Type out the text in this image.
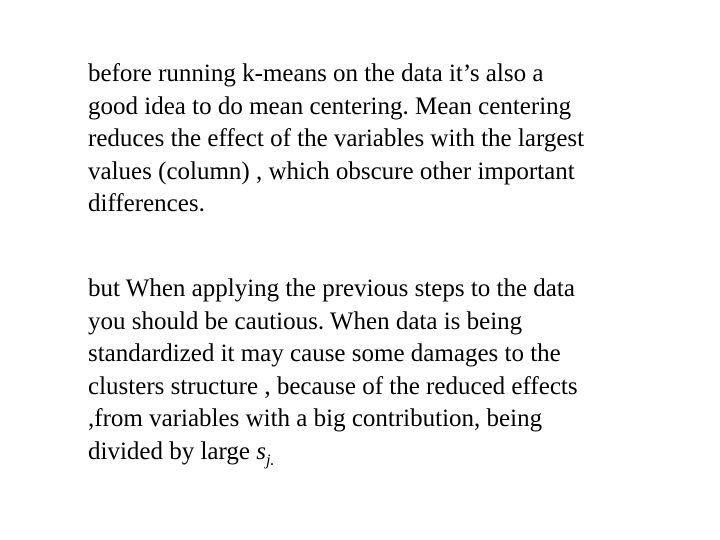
before running k-means on the data it’s also a
good idea to do mean centering. Mean centering
reduces the effect of the variables with the largest
values (column) , which obscure other important
differences.

but When applying the previous steps to the data
you should be cautious. When data is being
standardized it may cause some damages to the
clusters structure , because of the reduced effects
,from variables with a big contribution, being
divided by large $s_{j.}$
